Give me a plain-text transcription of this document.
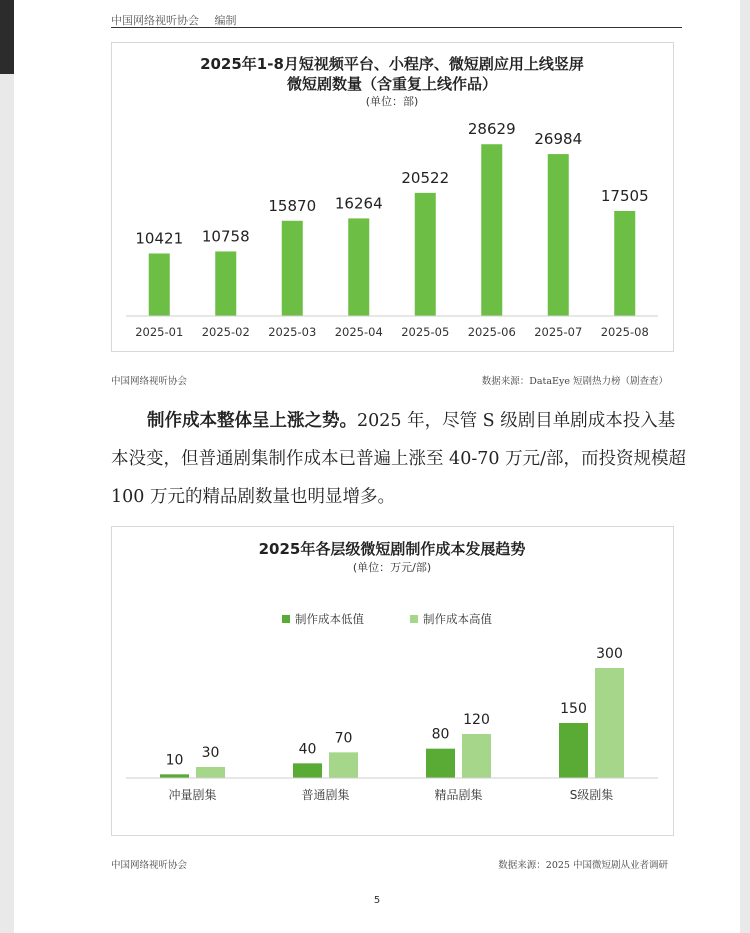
中国网络视听协会 编制
2025年1-8月短视频平台、小程序、微短剧应用上线竖屏
微短剧数量（含重复上线作品）
(单位：部)
10421 10758
15870 16264
20522
28629
26984
17505
2025-01 2025-02 2025-03 2025-04 2025-05 2025-06 2025-07 2025-08
中国网络视听协会	数据来源：DataEye 短剧热力榜（剧查查）
制作成本整体呈上涨之势。2025 年，尽管 S 级剧目单剧成本投入基本没变，但普通剧集制作成本已普遍上涨至 40-70 万元/部，而投资规模超 100 万元的精品剧数量也明显增多。
2025年各层级微短剧制作成本发展趋势
(单位：万元/部)
制作成本低值	制作成本高值
10 30	40
70	80
120
150
300
冲量剧集	普通剧集	精品剧集	S级剧集
中国网络视听协会	数据来源：2025 中国微短剧从业者调研
5
